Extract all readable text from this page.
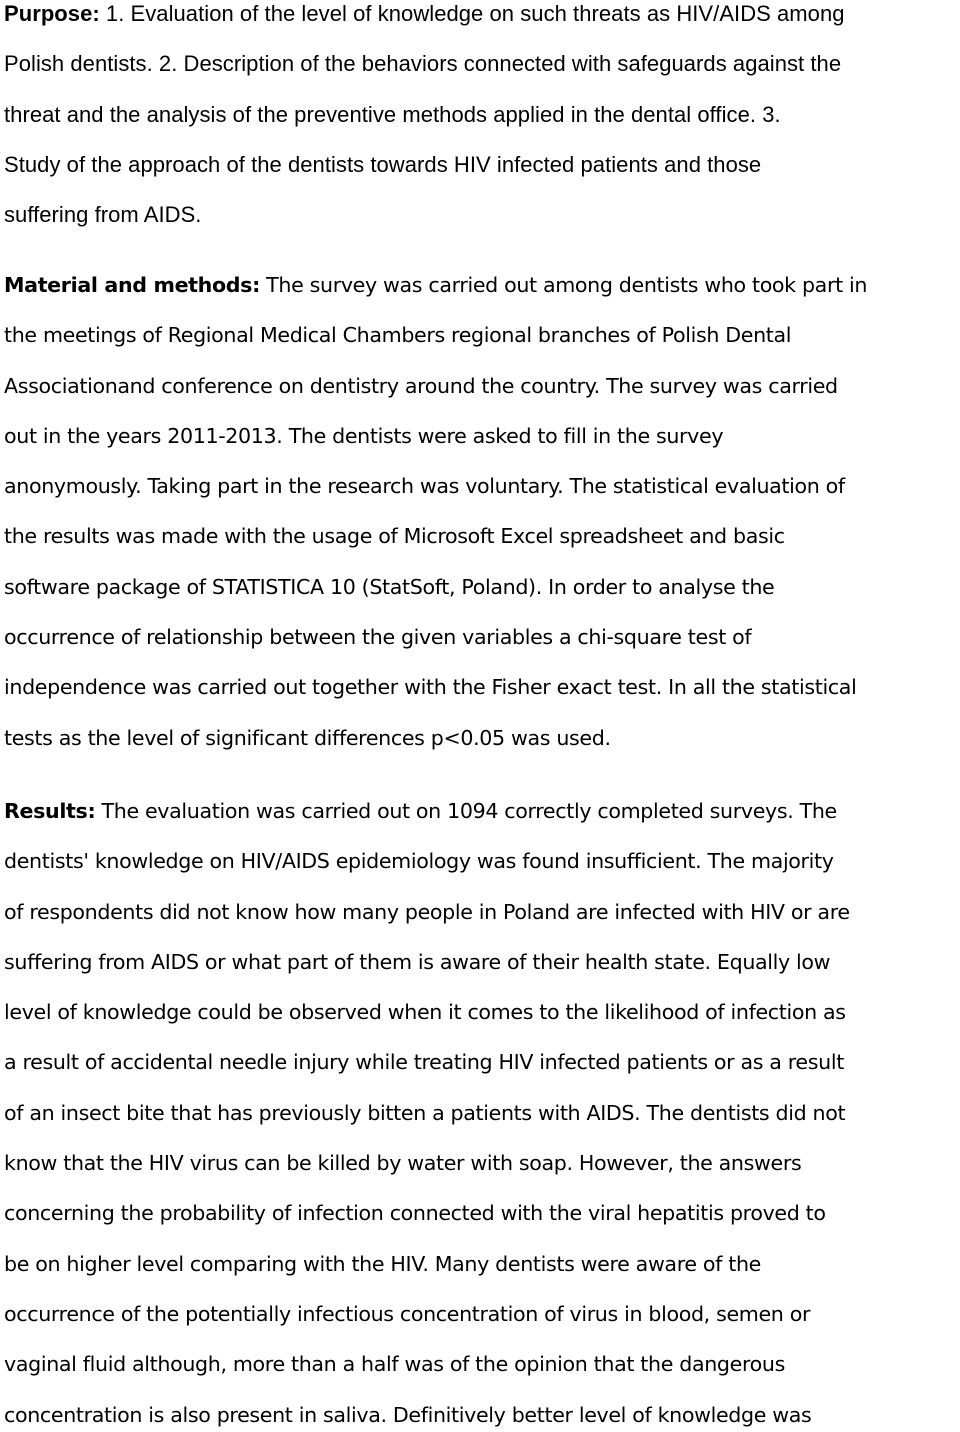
Purpose: 1. Evaluation of the level of knowledge on such threats as HIV/AIDS among
Polish dentists. 2. Description of the behaviors connected with safeguards against the
threat and the analysis of the preventive methods applied in the dental office. 3.
Study of the approach of the dentists towards HIV infected patients and those
suffering from AIDS.

Material and methods: The survey was carried out among dentists who took part in
the meetings of Regional Medical Chambers regional branches of Polish Dental
Associationand conference on dentistry around the country. The survey was carried
out in the years 2011-2013. The dentists were asked to fill in the survey
anonymously. Taking part in the research was voluntary. The statistical evaluation of
the results was made with the usage of Microsoft Excel spreadsheet and basic
software package of STATISTICA 10 (StatSoft, Poland). In order to analyse the
occurrence of relationship between the given variables a chi-square test of
independence was carried out together with the Fisher exact test. In all the statistical
tests as the level of significant differences p<0.05 was used.

Results: The evaluation was carried out on 1094 correctly completed surveys. The
dentists' knowledge on HIV/AIDS epidemiology was found insufficient. The majority
of respondents did not know how many people in Poland are infected with HIV or are
suffering from AIDS or what part of them is aware of their health state. Equally low
level of knowledge could be observed when it comes to the likelihood of infection as
a result of accidental needle injury while treating HIV infected patients or as a result
of an insect bite that has previously bitten a patients with AIDS. The dentists did not
know that the HIV virus can be killed by water with soap. However, the answers
concerning the probability of infection connected with the viral hepatitis proved to
be on higher level comparing with the HIV. Many dentists were aware of the
occurrence of the potentially infectious concentration of virus in blood, semen or
vaginal fluid although, more than a half was of the opinion that the dangerous
concentration is also present in saliva. Definitively better level of knowledge was
